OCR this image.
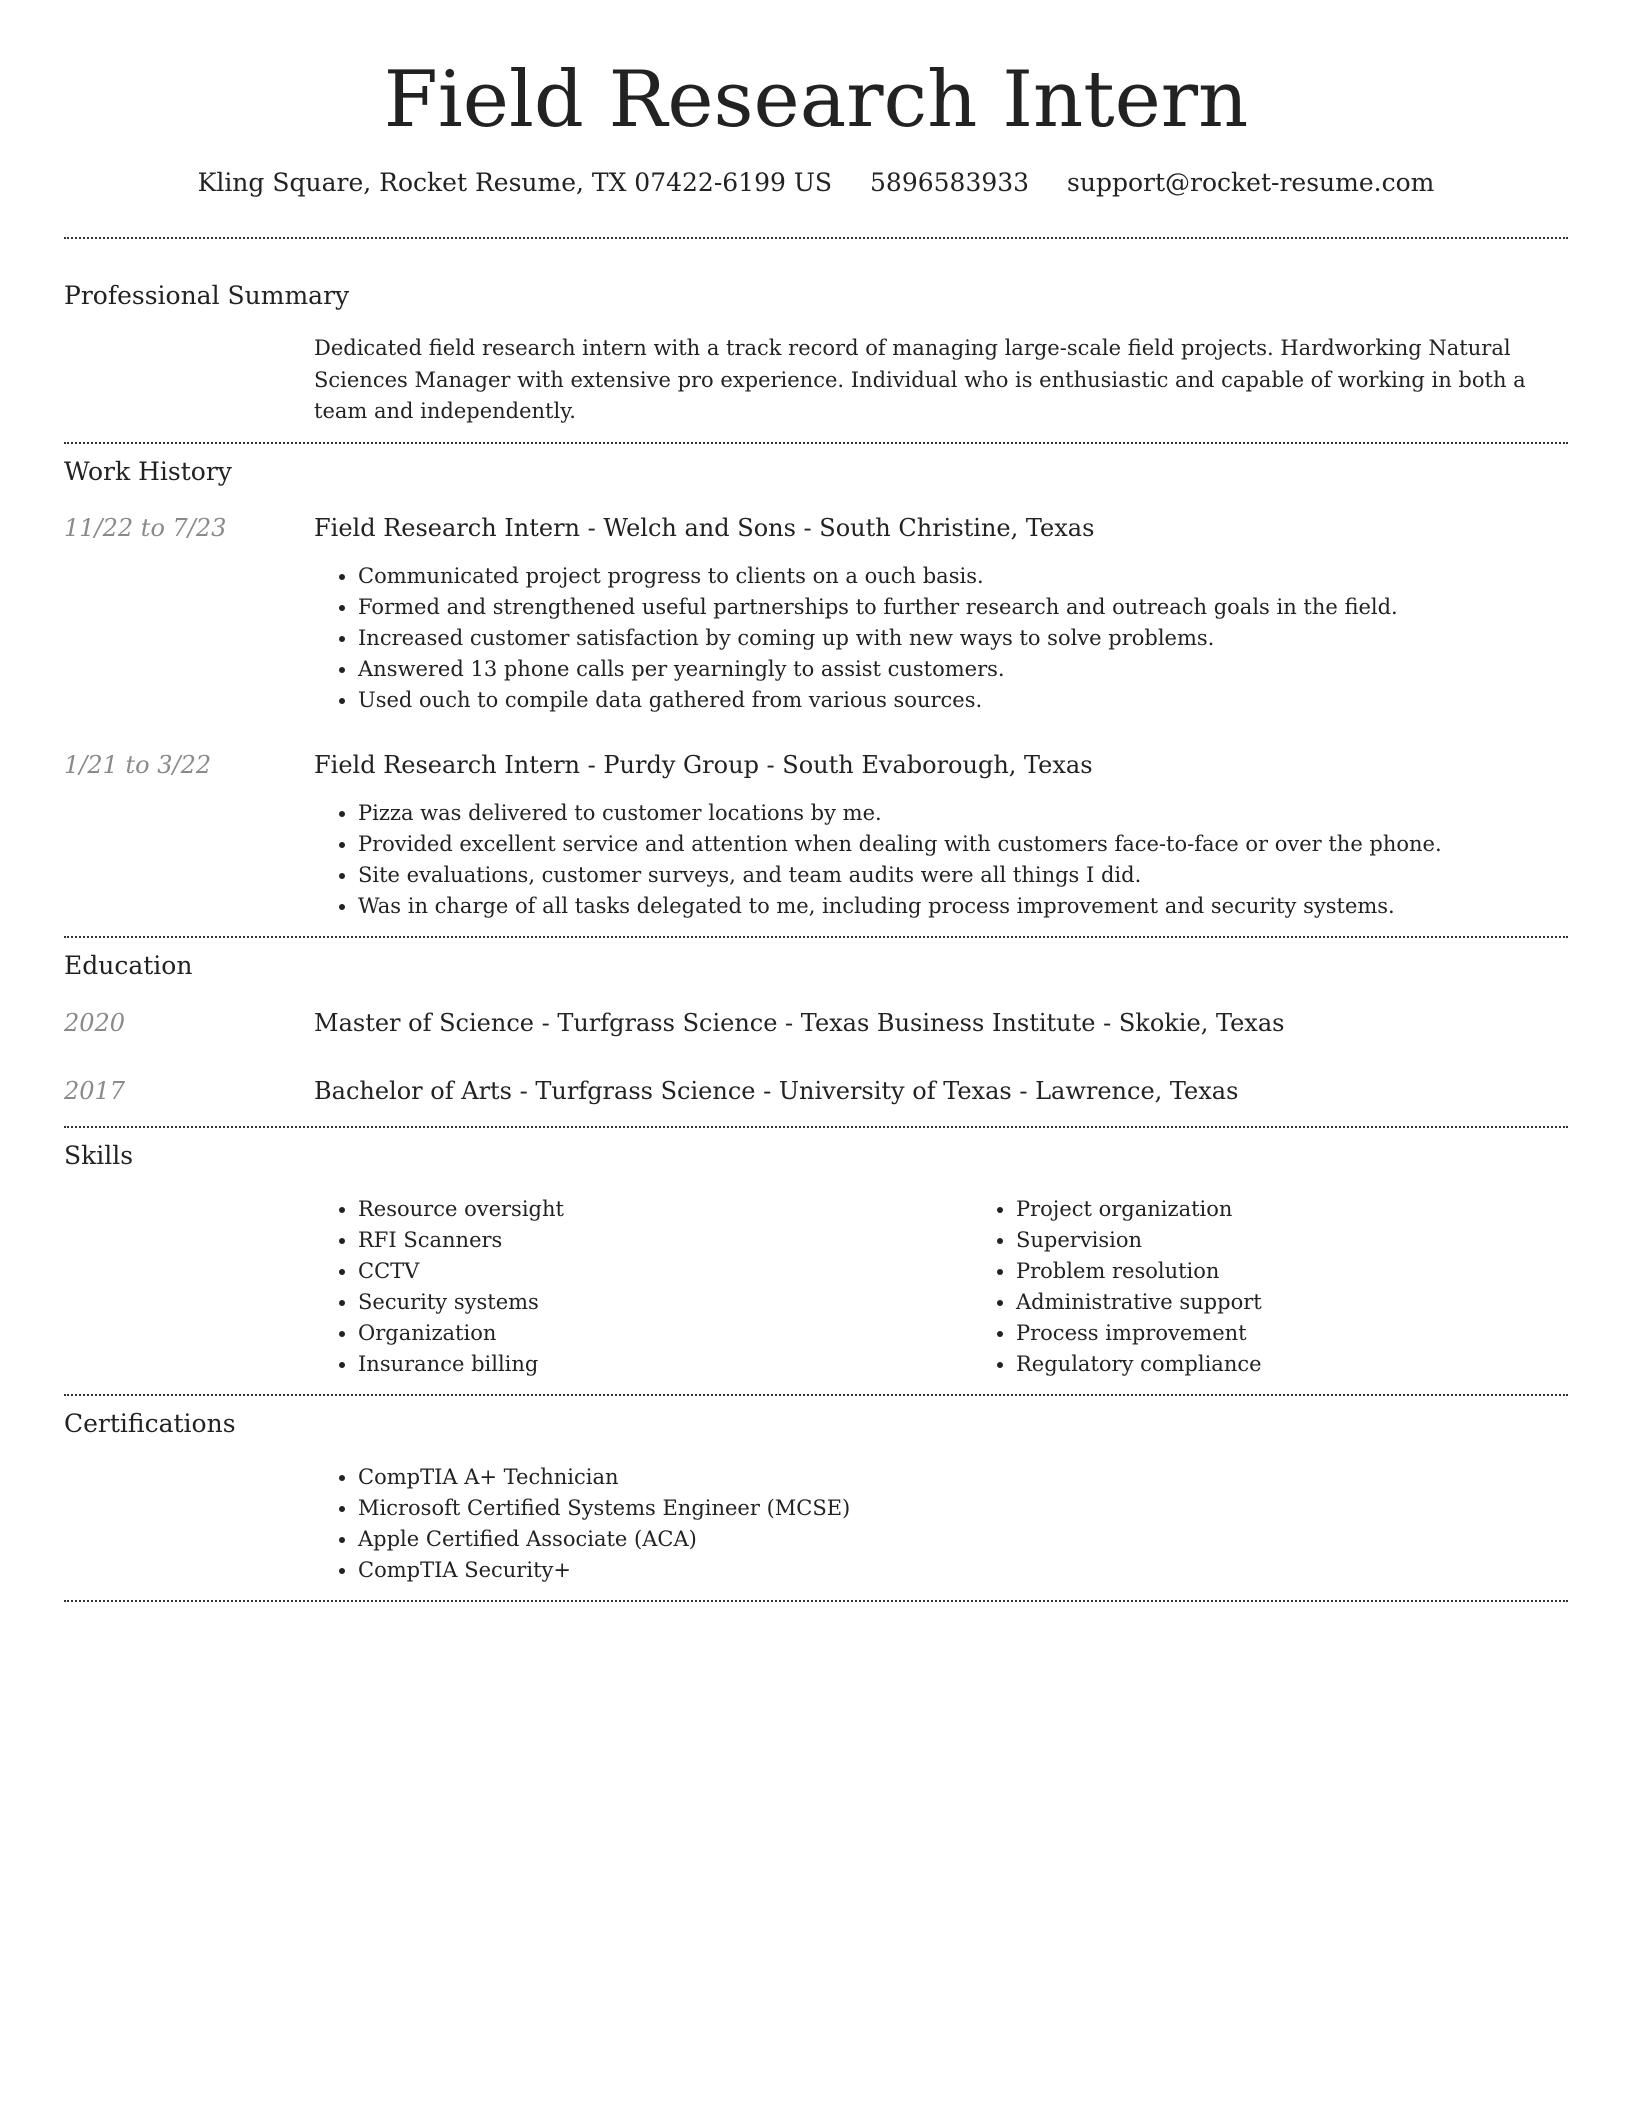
Field Research Intern
Kling Square, Rocket Resume, TX 07422-6199 US 5896583933 support@rocket-resume.com
Professional Summary
Dedicated field research intern with a track record of managing large-scale field projects. Hardworking Natural Sciences Manager with extensive pro experience. Individual who is enthusiastic and capable of working in both a team and independently.
Work History
11/22 to 7/23	Field Research Intern - Welch and Sons - South Christine, Texas
• Communicated project progress to clients on a ouch basis.
• Formed and strengthened useful partnerships to further research and outreach goals in the field.
• Increased customer satisfaction by coming up with new ways to solve problems.
• Answered 13 phone calls per yearningly to assist customers.
• Used ouch to compile data gathered from various sources.
1/21 to 3/22	Field Research Intern - Purdy Group - South Evaborough, Texas
• Pizza was delivered to customer locations by me.
• Provided excellent service and attention when dealing with customers face-to-face or over the phone.
• Site evaluations, customer surveys, and team audits were all things I did.
• Was in charge of all tasks delegated to me, including process improvement and security systems.
Education
2020	Master of Science - Turfgrass Science - Texas Business Institute - Skokie, Texas
2017	Bachelor of Arts - Turfgrass Science - University of Texas - Lawrence, Texas
Skills
• Resource oversight
• RFI Scanners
• CCTV
• Security systems
• Organization
• Insurance billing
• Project organization
• Supervision
• Problem resolution
• Administrative support
• Process improvement
• Regulatory compliance
Certifications
• CompTIA A+ Technician
• Microsoft Certified Systems Engineer (MCSE)
• Apple Certified Associate (ACA)
• CompTIA Security+
